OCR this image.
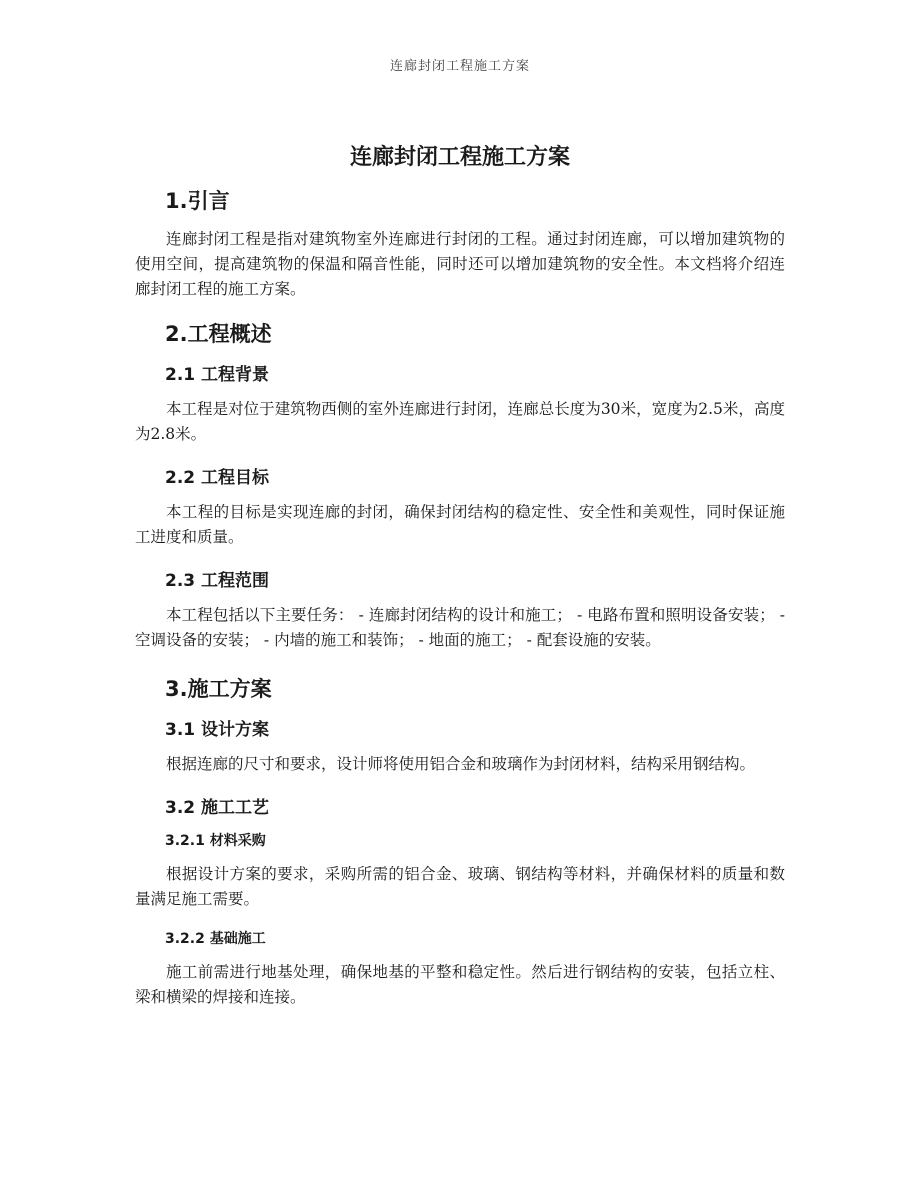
连廊封闭工程施工方案
连廊封闭工程施工方案
1.引言

连廊封闭工程是指对建筑物室外连廊进行封闭的工程。通过封闭连廊，可以增加建筑物的使用空间，提高建筑物的保温和隔音性能，同时还可以增加建筑物的安全性。本文档将介绍连廊封闭工程的施工方案。

2.工程概述
2.1 工程背景

本工程是对位于建筑物西侧的室外连廊进行封闭，连廊总长度为30米，宽度为2.5米，高度为2.8米。

2.2 工程目标

本工程的目标是实现连廊的封闭，确保封闭结构的稳定性、安全性和美观性，同时保证施工进度和质量。

2.3 工程范围

本工程包括以下主要任务： - 连廊封闭结构的设计和施工； - 电路布置和照明设备安装； - 空调设备的安装； - 内墙的施工和装饰； - 地面的施工； - 配套设施的安装。

3.施工方案
3.1 设计方案

根据连廊的尺寸和要求，设计师将使用铝合金和玻璃作为封闭材料，结构采用钢结构。

3.2 施工工艺
3.2.1 材料采购

根据设计方案的要求，采购所需的铝合金、玻璃、钢结构等材料，并确保材料的质量和数量满足施工需要。

3.2.2 基础施工

施工前需进行地基处理，确保地基的平整和稳定性。然后进行钢结构的安装，包括立柱、梁和横梁的焊接和连接。
